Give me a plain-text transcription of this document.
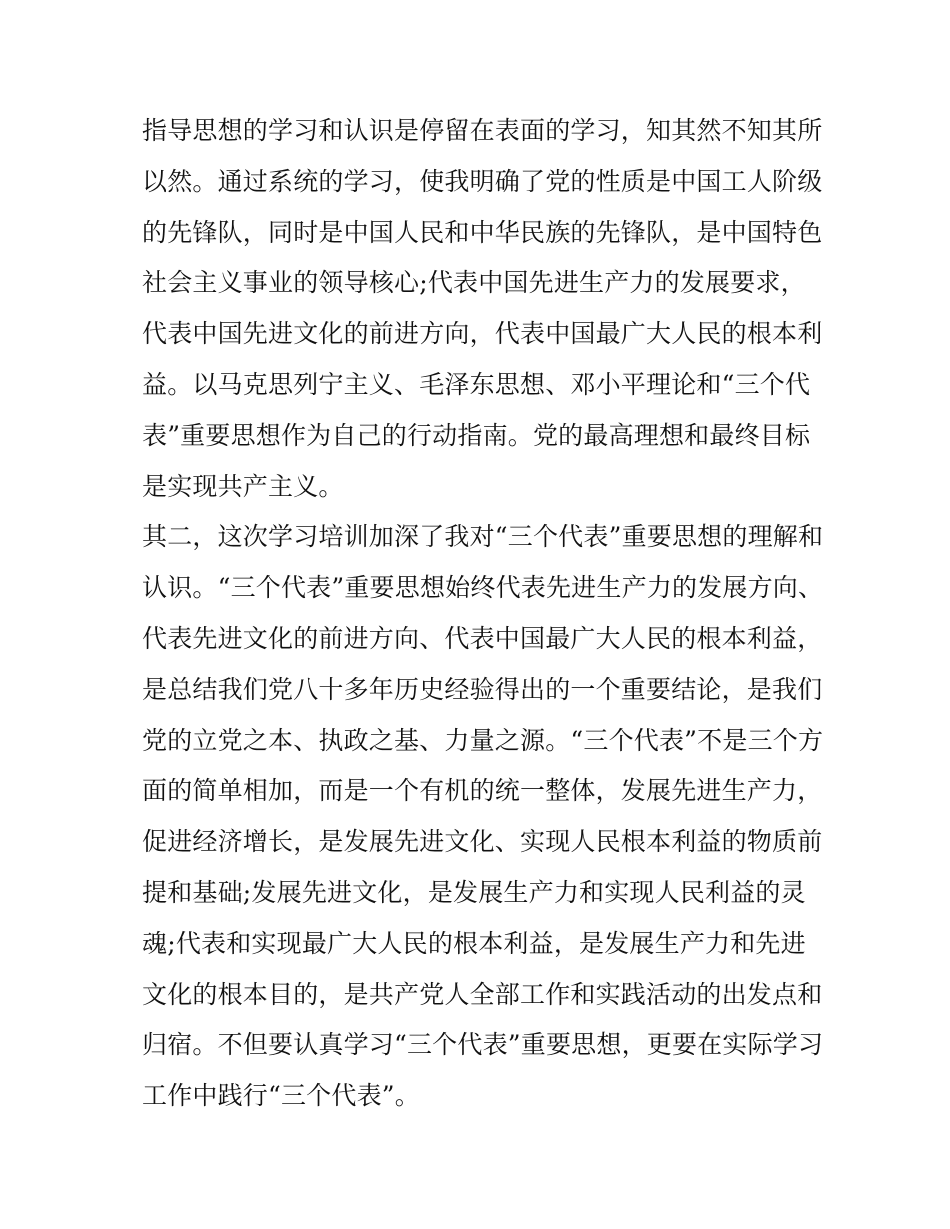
指导思想的学习和认识是停留在表面的学习，知其然不知其所
以然。通过系统的学习，使我明确了党的性质是中国工人阶级
的先锋队，同时是中国人民和中华民族的先锋队，是中国特色
社会主义事业的领导核心;代表中国先进生产力的发展要求，
代表中国先进文化的前进方向，代表中国最广大人民的根本利
益。以马克思列宁主义、毛泽东思想、邓小平理论和“三个代
表”重要思想作为自己的行动指南。党的最高理想和最终目标
是实现共产主义。
其二，这次学习培训加深了我对“三个代表”重要思想的理解和
认识。“三个代表”重要思想始终代表先进生产力的发展方向、
代表先进文化的前进方向、代表中国最广大人民的根本利益，
是总结我们党八十多年历史经验得出的一个重要结论，是我们
党的立党之本、执政之基、力量之源。“三个代表”不是三个方
面的简单相加，而是一个有机的统一整体，发展先进生产力，
促进经济增长，是发展先进文化、实现人民根本利益的物质前
提和基础;发展先进文化，是发展生产力和实现人民利益的灵
魂;代表和实现最广大人民的根本利益，是发展生产力和先进
文化的根本目的，是共产党人全部工作和实践活动的出发点和
归宿。不但要认真学习“三个代表”重要思想，更要在实际学习
工作中践行“三个代表”。
